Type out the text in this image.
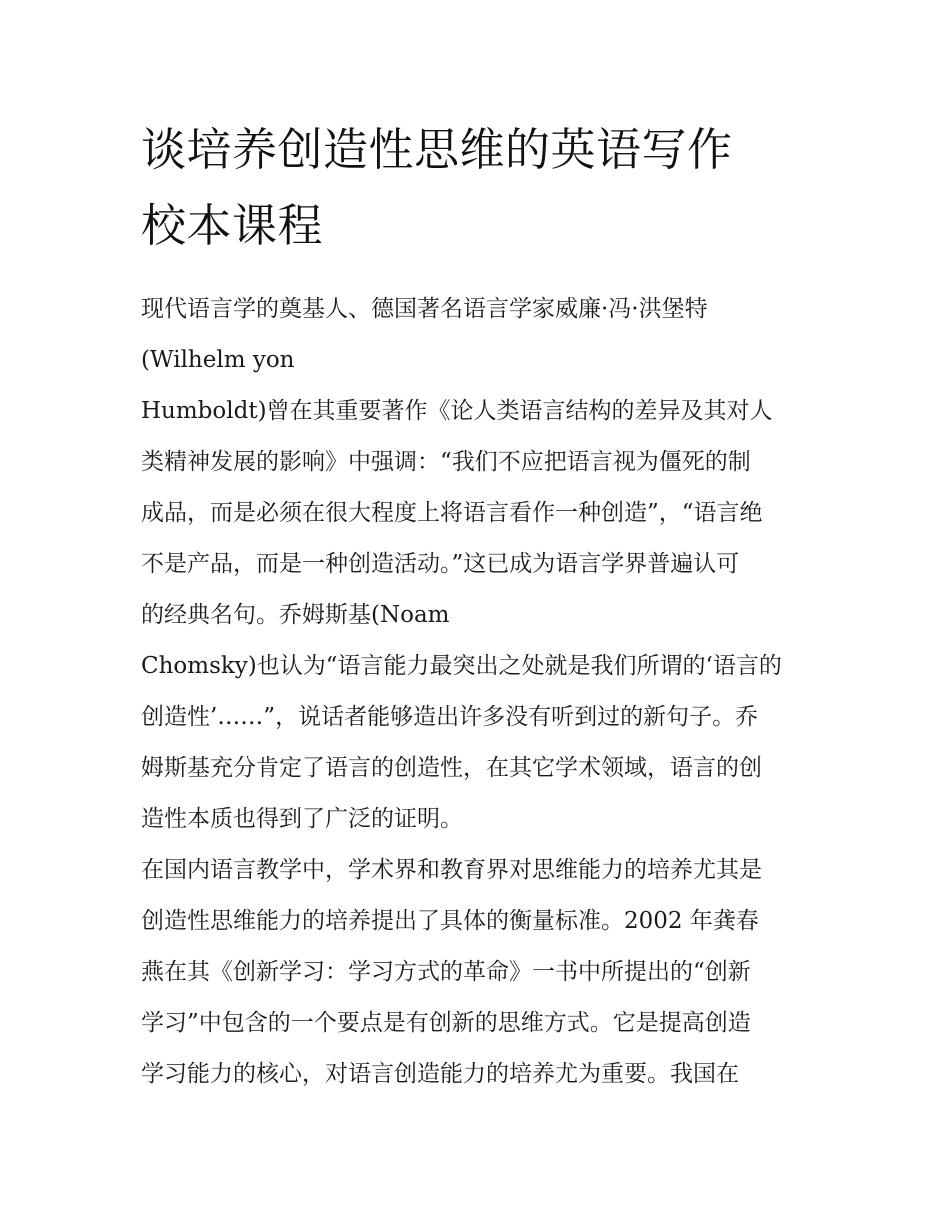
谈培养创造性思维的英语写作
校本课程
现代语言学的奠基人、德国著名语言学家威廉·冯·洪堡特
(Wilhelm yon
Humboldt)曾在其重要著作《论人类语言结构的差异及其对人
类精神发展的影响》中强调：“我们不应把语言视为僵死的制
成品，而是必须在很大程度上将语言看作一种创造”，“语言绝
不是产品，而是一种创造活动。”这已成为语言学界普遍认可
的经典名句。乔姆斯基(Noam
Chomsky)也认为“语言能力最突出之处就是我们所谓的‘语言的
创造性’……”，说话者能够造出许多没有听到过的新句子。乔
姆斯基充分肯定了语言的创造性，在其它学术领域，语言的创
造性本质也得到了广泛的证明。
在国内语言教学中，学术界和教育界对思维能力的培养尤其是
创造性思维能力的培养提出了具体的衡量标准。2002 年龚春
燕在其《创新学习：学习方式的革命》一书中所提出的“创新
学习”中包含的一个要点是有创新的思维方式。它是提高创造
学习能力的核心，对语言创造能力的培养尤为重要。我国在
